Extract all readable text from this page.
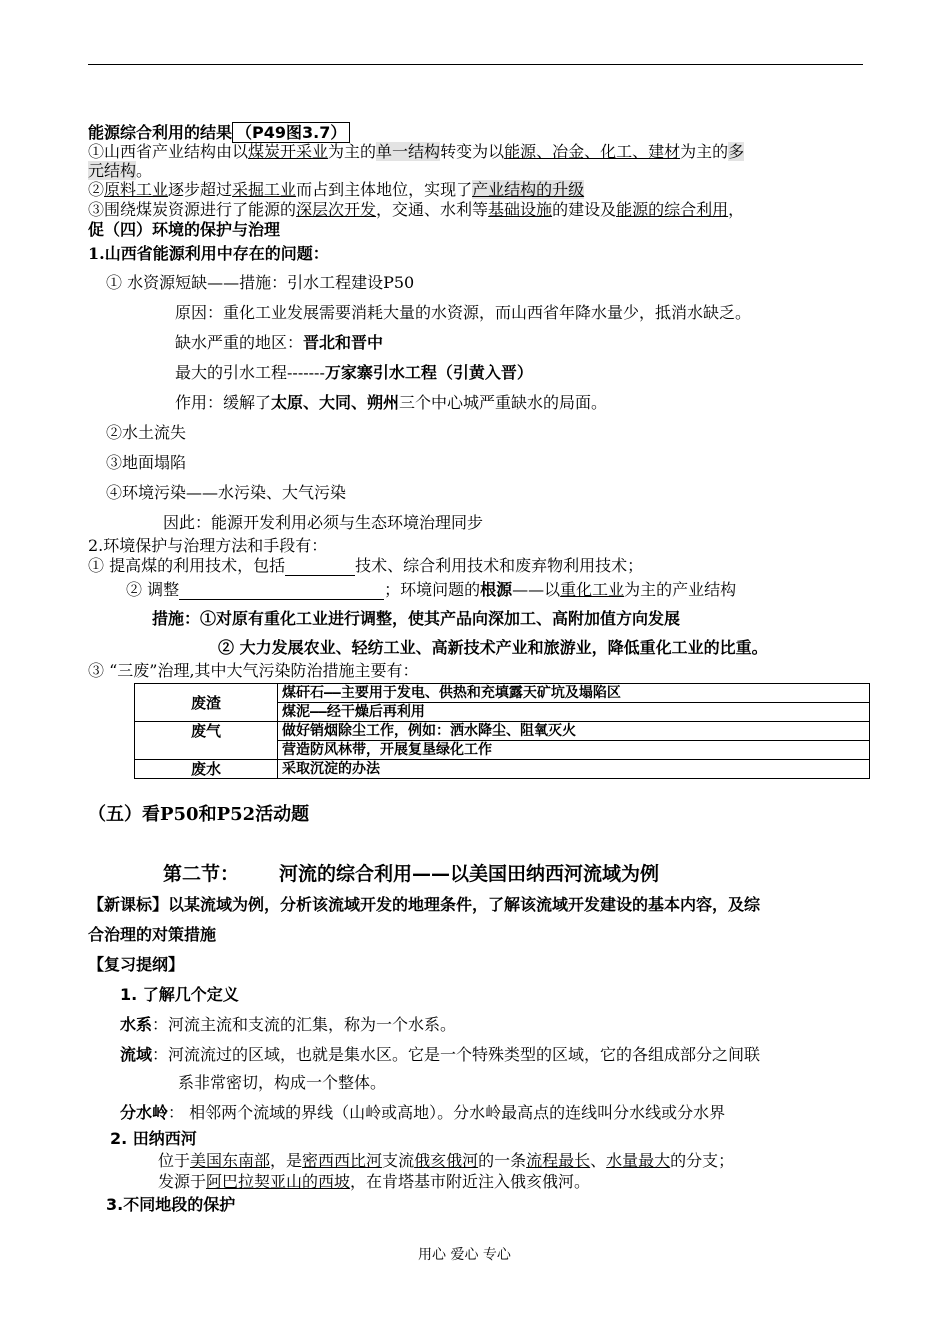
能源综合利用的结果 （P49图3.7）
①山西省产业结构由以煤炭开采业为主的单一结构转变为以能源、冶金、化工、建材为主的多
元结构。
②原料工业逐步超过采掘工业而占到主体地位，实现了产业结构的升级
③围绕煤炭资源进行了能源的深层次开发，交通、水利等基础设施的建设及能源的综合利用，
促（四）环境的保护与治理
1.山西省能源利用中存在的问题：
① 水资源短缺——措施：引水工程建设P50
原因：重化工业发展需要消耗大量的水资源，而山西省年降水量少，抵消水缺乏。
缺水严重的地区：晋北和晋中
最大的引水工程-------万家寨引水工程（引黄入晋）
作用：缓解了太原、大同、朔州三个中心城严重缺水的局面。
②水土流失
③地面塌陷
④环境污染——水污染、大气污染
因此：能源开发利用必须与生态环境治理同步
2.环境保护与治理方法和手段有：
① 提高煤的利用技术，包括	技术、综合利用技术和废弃物利用技术；
② 调整	；环境问题的根源——以重化工业为主的产业结构
措施：①对原有重化工业进行调整，使其产品向深加工、高附加值方向发展
② 大力发展农业、轻纺工业、高新技术产业和旅游业，降低重化工业的比重。
③ “三废”治理,其中大气污染防治措施主要有：
废渣	煤矸石——主要用于发电、供热和充填露天矿坑及塌陷区
	煤泥——经干燥后再利用
废气	做好销烟除尘工作，例如：洒水降尘、阻氧灭火
	营造防风林带，开展复垦绿化工作
废水	采取沉淀的办法
（五）看P50和P52活动题
第二节： 河流的综合利用——以美国田纳西河流域为例
【新课标】以某流域为例，分析该流域开发的地理条件，了解该流域开发建设的基本内容，及综
合治理的对策措施
【复习提纲】
1. 了解几个定义
水系：河流主流和支流的汇集，称为一个水系。
流域：河流流过的区域，也就是集水区。它是一个特殊类型的区域，它的各组成部分之间联
系非常密切，构成一个整体。
分水岭： 相邻两个流域的界线（山岭或高地）。分水岭最高点的连线叫分水线或分水界
2. 田纳西河
位于美国东南部，是密西西比河支流俄亥俄河的一条流程最长、水量最大的分支；
发源于阿巴拉契亚山的西坡，在肯塔基市附近注入俄亥俄河。
3.不同地段的保护
用心 爱心 专心
